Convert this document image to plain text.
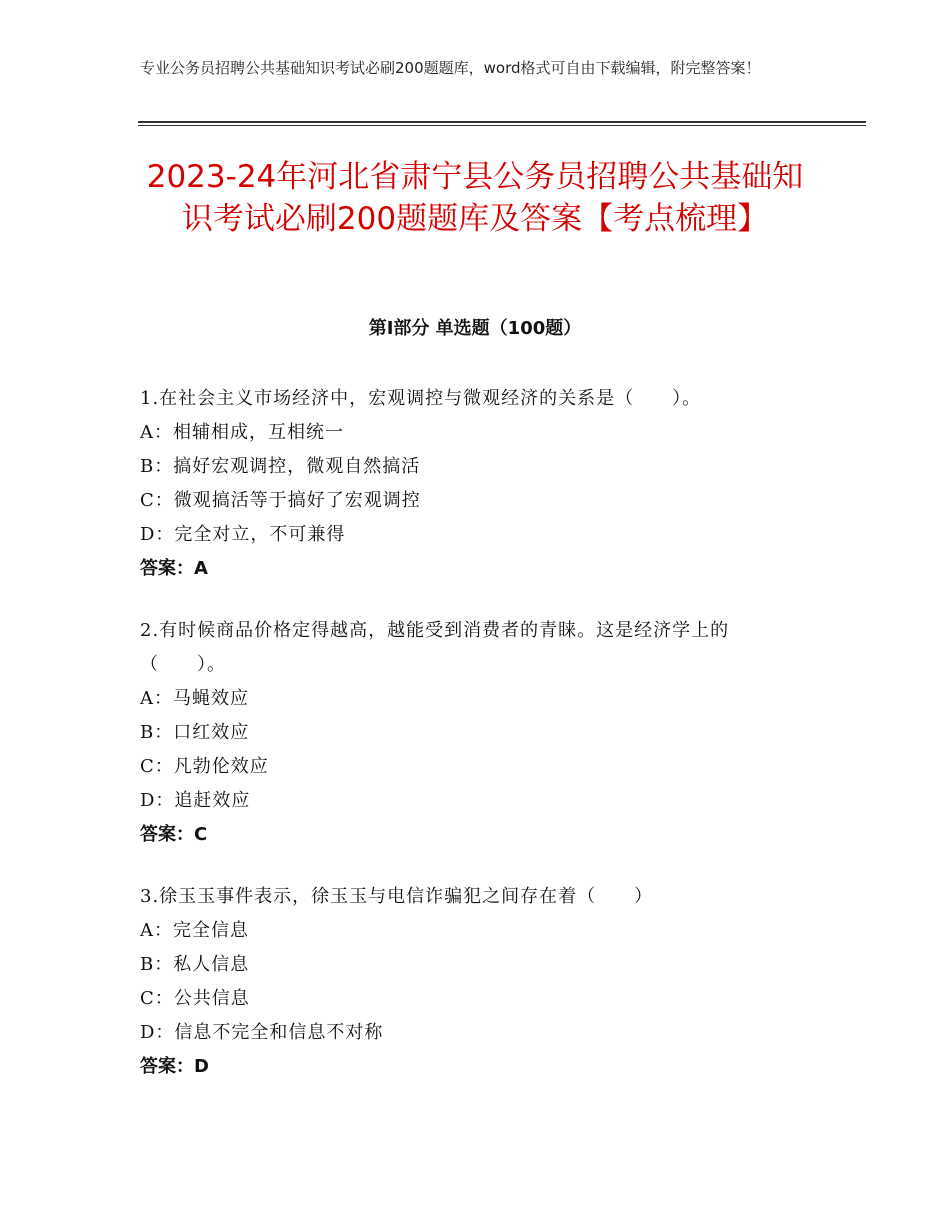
专业公务员招聘公共基础知识考试必刷200题题库，word格式可自由下载编辑，附完整答案！
2023-24年河北省肃宁县公务员招聘公共基础知识考试必刷200题题库及答案【考点梳理】
第I部分 单选题（100题）
1.在社会主义市场经济中，宏观调控与微观经济的关系是（　　）。
A：相辅相成，互相统一
B：搞好宏观调控，微观自然搞活
C：微观搞活等于搞好了宏观调控
D：完全对立，不可兼得
答案：A
2.有时候商品价格定得越高，越能受到消费者的青睐。这是经济学上的（　　）。
A：马蝇效应
B：口红效应
C：凡勃伦效应
D：追赶效应
答案：C
3.徐玉玉事件表示，徐玉玉与电信诈骗犯之间存在着（　　）
A：完全信息
B：私人信息
C：公共信息
D：信息不完全和信息不对称
答案：D
